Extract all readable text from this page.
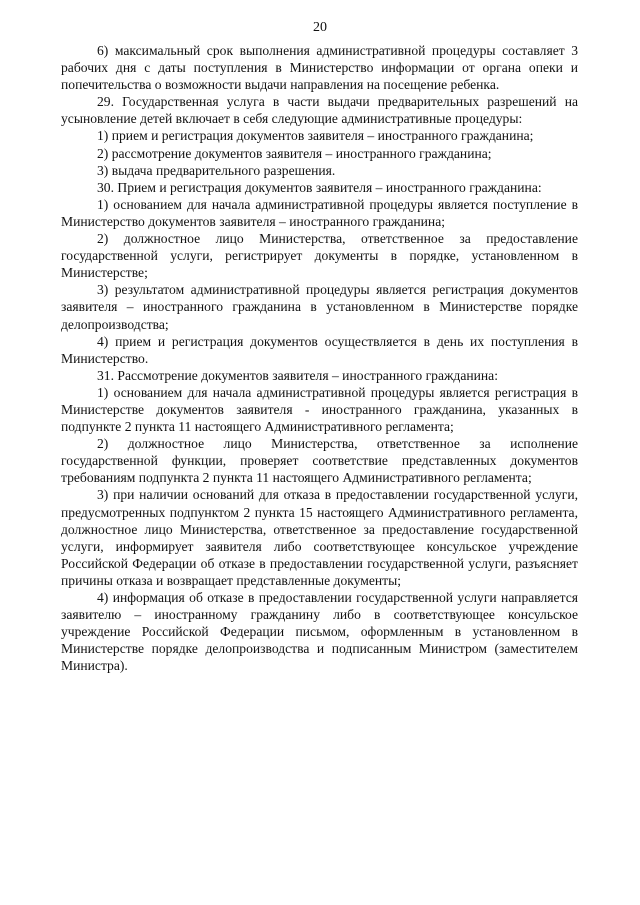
20

6) максимальный срок выполнения административной процедуры составляет 3 рабочих дня с даты поступления в Министерство информации от органа опеки и попечительства о возможности выдачи направления на посещение ребенка.

29. Государственная услуга в части выдачи предварительных разрешений на усыновление детей включает в себя следующие административные процедуры:

1) прием и регистрация документов заявителя – иностранного гражданина;

2) рассмотрение документов заявителя – иностранного гражданина;

3) выдача предварительного разрешения.

30. Прием и регистрация документов заявителя – иностранного гражданина:

1) основанием для начала административной процедуры является поступление в Министерство документов заявителя – иностранного гражданина;

2) должностное лицо Министерства, ответственное за предоставление государственной услуги, регистрирует документы в порядке, установленном в Министерстве;

3) результатом административной процедуры является регистрация документов заявителя – иностранного гражданина в установленном в Министерстве порядке делопроизводства;

4) прием и регистрация документов осуществляется в день их поступления в Министерство.

31. Рассмотрение документов заявителя – иностранного гражданина:

1) основанием для начала административной процедуры является регистрация в Министерстве документов заявителя - иностранного гражданина, указанных в подпункте 2 пункта 11 настоящего Административного регламента;

2) должностное лицо Министерства, ответственное за исполнение государственной функции, проверяет соответствие представленных документов требованиям подпункта 2 пункта 11 настоящего Административного регламента;

3) при наличии оснований для отказа в предоставлении государственной услуги, предусмотренных подпунктом 2 пункта 15 настоящего Административного регламента, должностное лицо Министерства, ответственное за предоставление государственной услуги, информирует заявителя либо соответствующее консульское учреждение Российской Федерации об отказе в предоставлении государственной услуги, разъясняет причины отказа и возвращает представленные документы;

4) информация об отказе в предоставлении государственной услуги направляется заявителю – иностранному гражданину либо в соответствующее консульское учреждение Российской Федерации письмом, оформленным в установленном в Министерстве порядке делопроизводства и подписанным Министром (заместителем Министра).
